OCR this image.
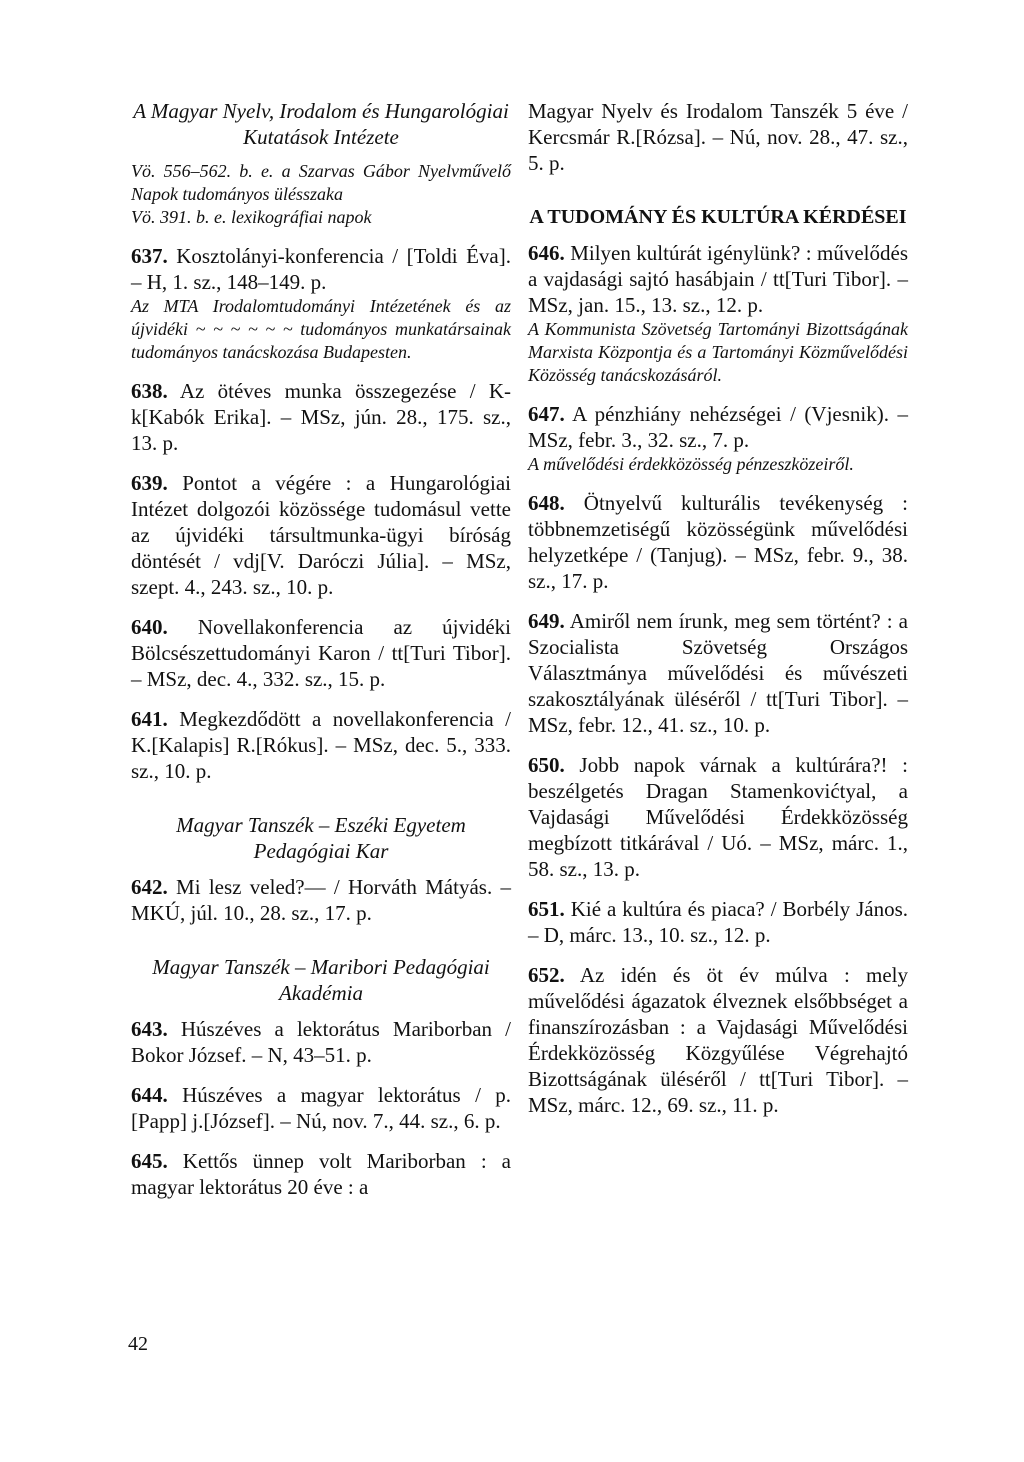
A Magyar Nyelv, Irodalom és Hungarológiai Kutatások Intézete

Vö. 556–562. b. e. a Szarvas Gábor Nyelvművelő Napok tudományos ülésszaka

Vö. 391. b. e. lexikográfiai napok

637. Kosztolányi-konferencia / [Toldi Éva]. – H, 1. sz., 148–149. p.
Az MTA Irodalomtudományi Intézetének és az újvidéki ~ ~ ~ ~ ~ ~ tudományos munkatársainak tudományos tanácskozása Budapesten.

638. Az ötéves munka összegezése / K-k[Kabók Erika]. – MSz, jún. 28., 175. sz., 13. p.

639. Pontot a végére : a Hungarológiai Intézet dolgozói közössége tudomásul vette az újvidéki társultmunka-ügyi bíróság döntését / vdj[V. Daróczi Júlia]. – MSz, szept. 4., 243. sz., 10. p.

640. Novellakonferencia az újvidéki Bölcsészettudományi Karon / tt[Turi Tibor]. – MSz, dec. 4., 332. sz., 15. p.

641. Megkezdődött a novellakonferencia / K.[Kalapis] R.[Rókus]. – MSz, dec. 5., 333. sz., 10. p.

Magyar Tanszék – Eszéki Egyetem Pedagógiai Kar

642. Mi lesz veled?— / Horváth Mátyás. – MKÚ, júl. 10., 28. sz., 17. p.

Magyar Tanszék – Maribori Pedagógiai Akadémia

643. Húszéves a lektorátus Mariborban / Bokor József. – N, 43–51. p.

644. Húszéves a magyar lektorátus / p.[Papp] j.[József]. – Nú, nov. 7., 44. sz., 6. p.

645. Kettős ünnep volt Mariborban : a magyar lektorátus 20 éve : a

Magyar Nyelv és Irodalom Tanszék 5 éve / Kercsmár R.[Rózsa]. – Nú, nov. 28., 47. sz., 5. p.

A TUDOMÁNY ÉS KULTÚRA KÉRDÉSEI

646. Milyen kultúrát igénylünk? : művelődés a vajdasági sajtó hasábjain / tt[Turi Tibor]. – MSz, jan. 15., 13. sz., 12. p.
A Kommunista Szövetség Tartományi Bizottságának Marxista Központja és a Tartományi Közművelődési Közösség tanácskozásáról.

647. A pénzhiány nehézségei / (Vjesnik). – MSz, febr. 3., 32. sz., 7. p.
A művelődési érdekközösség pénzeszközeiről.

648. Ötnyelvű kulturális tevékenység : többnemzetiségű közösségünk művelődési helyzetképe / (Tanjug). – MSz, febr. 9., 38. sz., 17. p.

649. Amiről nem írunk, meg sem történt? : a Szocialista Szövetség Országos Választmánya művelődési és művészeti szakosztályának üléséről / tt[Turi Tibor]. – MSz, febr. 12., 41. sz., 10. p.

650. Jobb napok várnak a kultúrára?! : beszélgetés Dragan Stamenkovićtyal, a Vajdasági Művelődési Érdekközösség megbízott titkárával / Uó. – MSz, márc. 1., 58. sz., 13. p.

651. Kié a kultúra és piaca? / Borbély János. – D, márc. 13., 10. sz., 12. p.

652. Az idén és öt év múlva : mely művelődési ágazatok élveznek elsőbbséget a finanszírozásban : a Vajdasági Művelődési Érdekközösség Közgyűlése Végrehajtó Bizottságának üléséről / tt[Turi Tibor]. – MSz, márc. 12., 69. sz., 11. p.

42
